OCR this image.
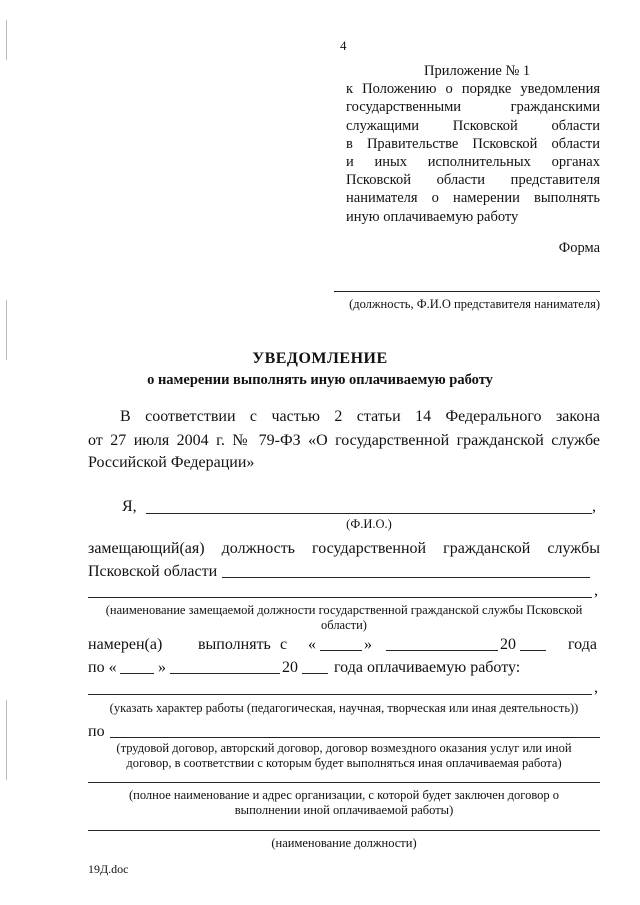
4
Приложение № 1
к Положению о порядке уведомления
государственными гражданскими
служащими Псковской области
в Правительстве Псковской области
и иных исполнительных органах
Псковской области представителя
нанимателя о намерении выполнять
иную оплачиваемую работу
Форма
(должность, Ф.И.О представителя нанимателя)
УВЕДОМЛЕНИЕ
о намерении выполнять иную оплачиваемую работу
В соответствии с частью 2 статьи 14 Федерального закона
от 27 июля 2004 г. № 79-ФЗ «О государственной гражданской службе
Российской Федерации»
Я,	,
(Ф.И.О.)
замещающий(ая) должность государственной гражданской службы
Псковской области
,
(наименование замещаемой должности государственной гражданской службы Псковской
области)
намерен(а) выполнять с «	»	20	года
по «	»	20 года оплачиваемую работу:
,
(указать характер работы (педагогическая, научная, творческая или иная деятельность))
по
(трудовой договор, авторский договор, договор возмездного оказания услуг или иной
договор, в соответствии с которым будет выполняться иная оплачиваемая работа)
(полное наименование и адрес организации, с которой будет заключен договор о
выполнении иной оплачиваемой работы)
(наименование должности)
19Д.doc
